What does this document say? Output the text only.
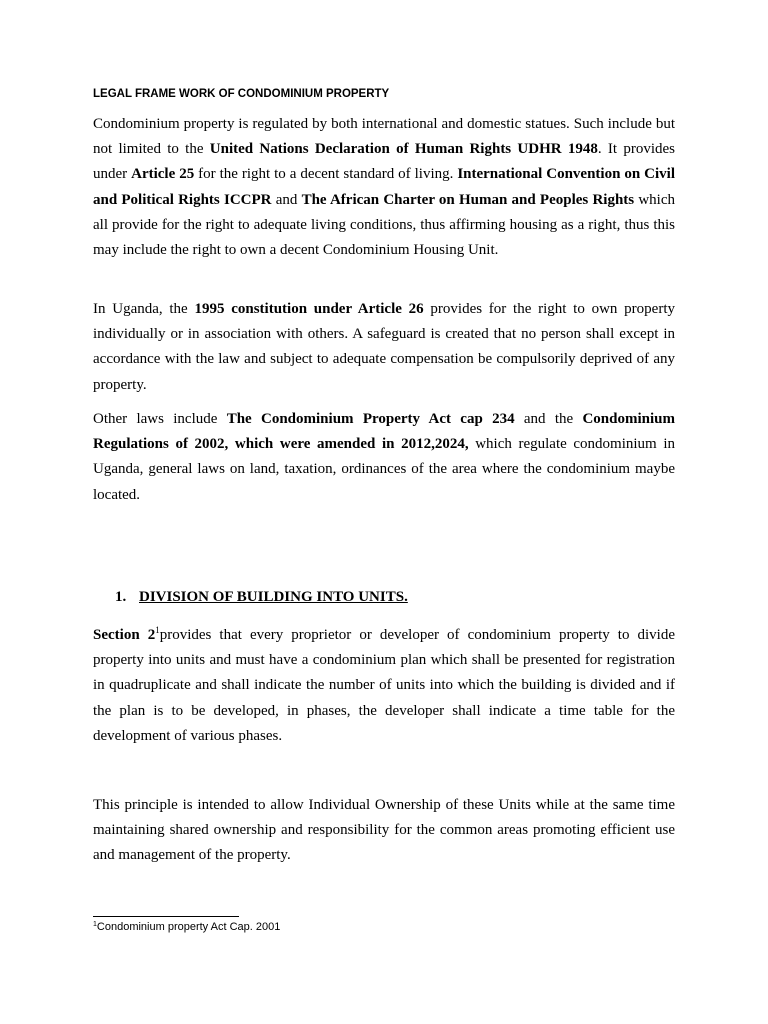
LEGAL FRAME WORK OF CONDOMINIUM PROPERTY

Condominium property is regulated by both international and domestic statues. Such include but not limited to the United Nations Declaration of Human Rights UDHR 1948. It provides under Article 25 for the right to a decent standard of living. International Convention on Civil and Political Rights ICCPR and The African Charter on Human and Peoples Rights which all provide for the right to adequate living conditions, thus affirming housing as a right, thus this may include the right to own a decent Condominium Housing Unit.

In Uganda, the 1995 constitution under Article 26 provides for the right to own property individually or in association with others. A safeguard is created that no person shall except in accordance with the law and subject to adequate compensation be compulsorily deprived of any property.

Other laws include The Condominium Property Act cap 234 and the Condominium Regulations of 2002, which were amended in 2012,2024, which regulate condominium in Uganda, general laws on land, taxation, ordinances of the area where the condominium maybe located.

1. DIVISION OF BUILDING INTO UNITS.

Section $2^1provides$ that every proprietor or developer of condominium property to divide property into units and must have a condominium plan which shall be presented for registration in quadruplicate and shall indicate the number of units into which the building is divided and if the plan is to be developed, in phases, the developer shall indicate a time table for the development of various phases.

This principle is intended to allow Individual Ownership of these Units while at the same time maintaining shared ownership and responsibility for the common areas promoting efficient use and management of the property.

$^1$Condominium property Act Cap. 2001
